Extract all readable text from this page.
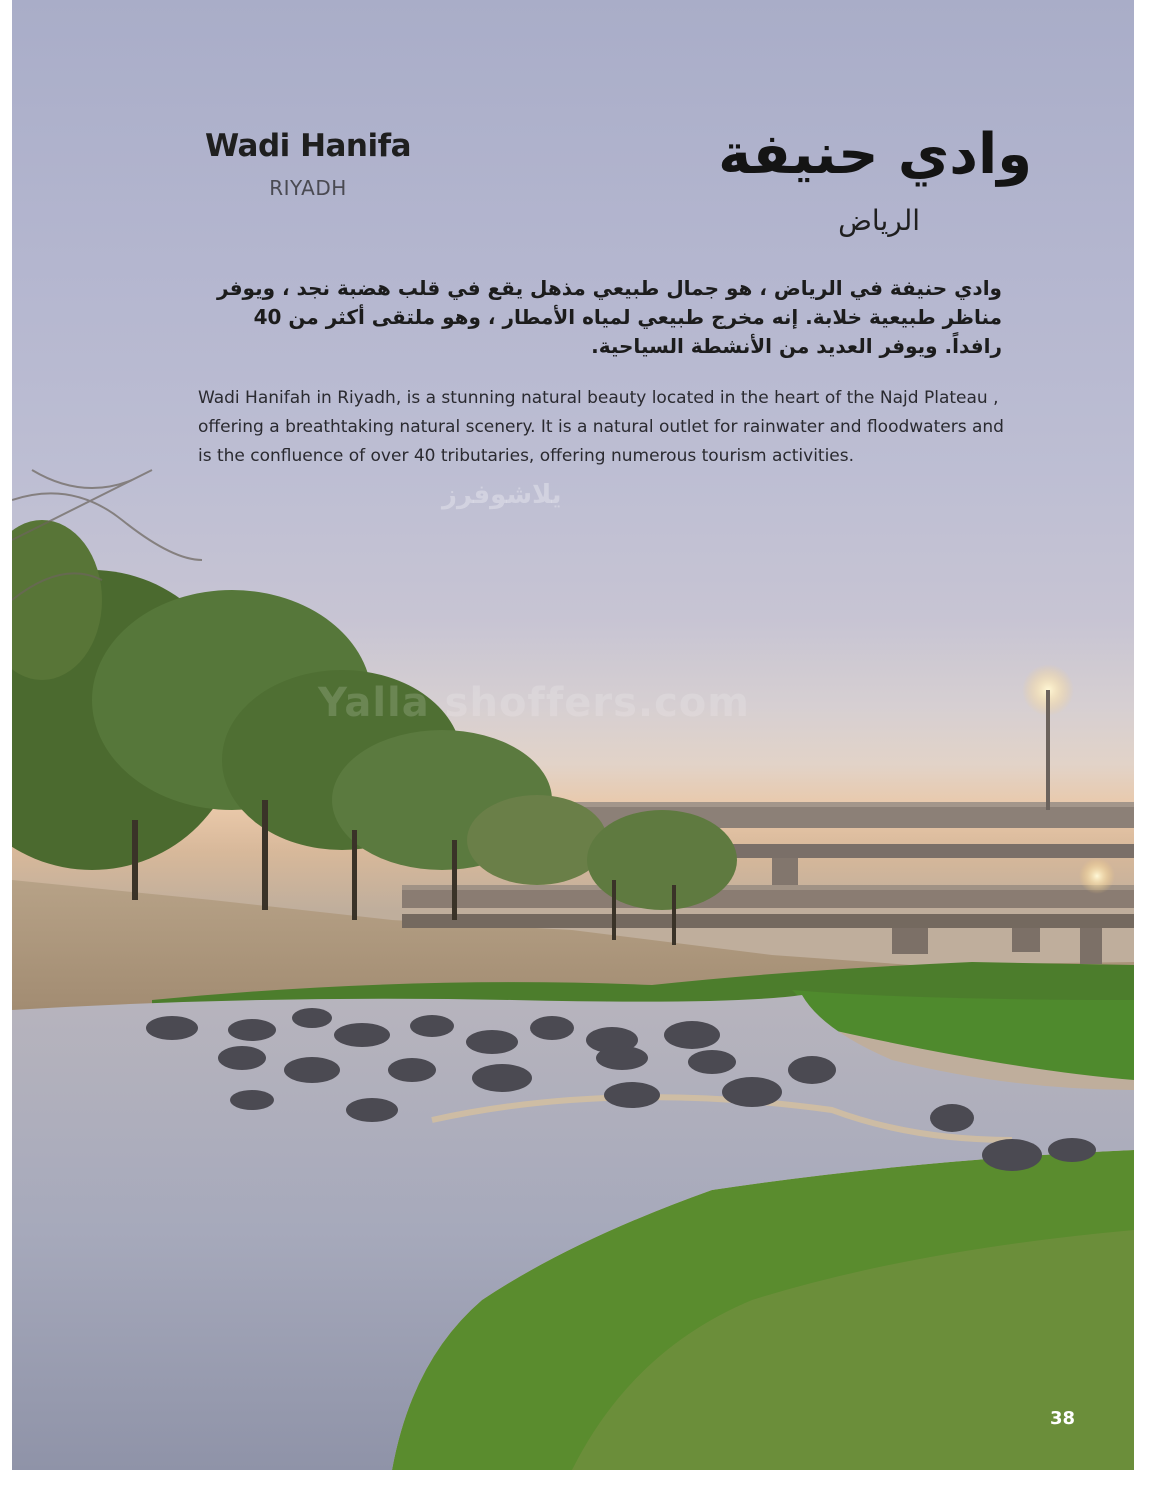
يلاشوفرز

Yalla shoffers.com

Wadi Hanifa

RIYADH

وادي حنيفة

الرياض

وادي حنيفة في الرياض ، هو جمال طبيعي مذهل يقع في قلب هضبة نجد ، ويوفر مناظر طبيعية خلابة. إنه مخرج طبيعي لمياه الأمطار ، وهو ملتقى أكثر من 40 رافداً. ويوفر العديد من الأنشطة السياحية.

Wadi Hanifah in Riyadh, is a stunning natural beauty located in the heart of the Najd Plateau , offering a breathtaking natural scenery. It is a natural outlet for rainwater and floodwaters and is the confluence of over 40 tributaries, offering numerous tourism activities.

38
